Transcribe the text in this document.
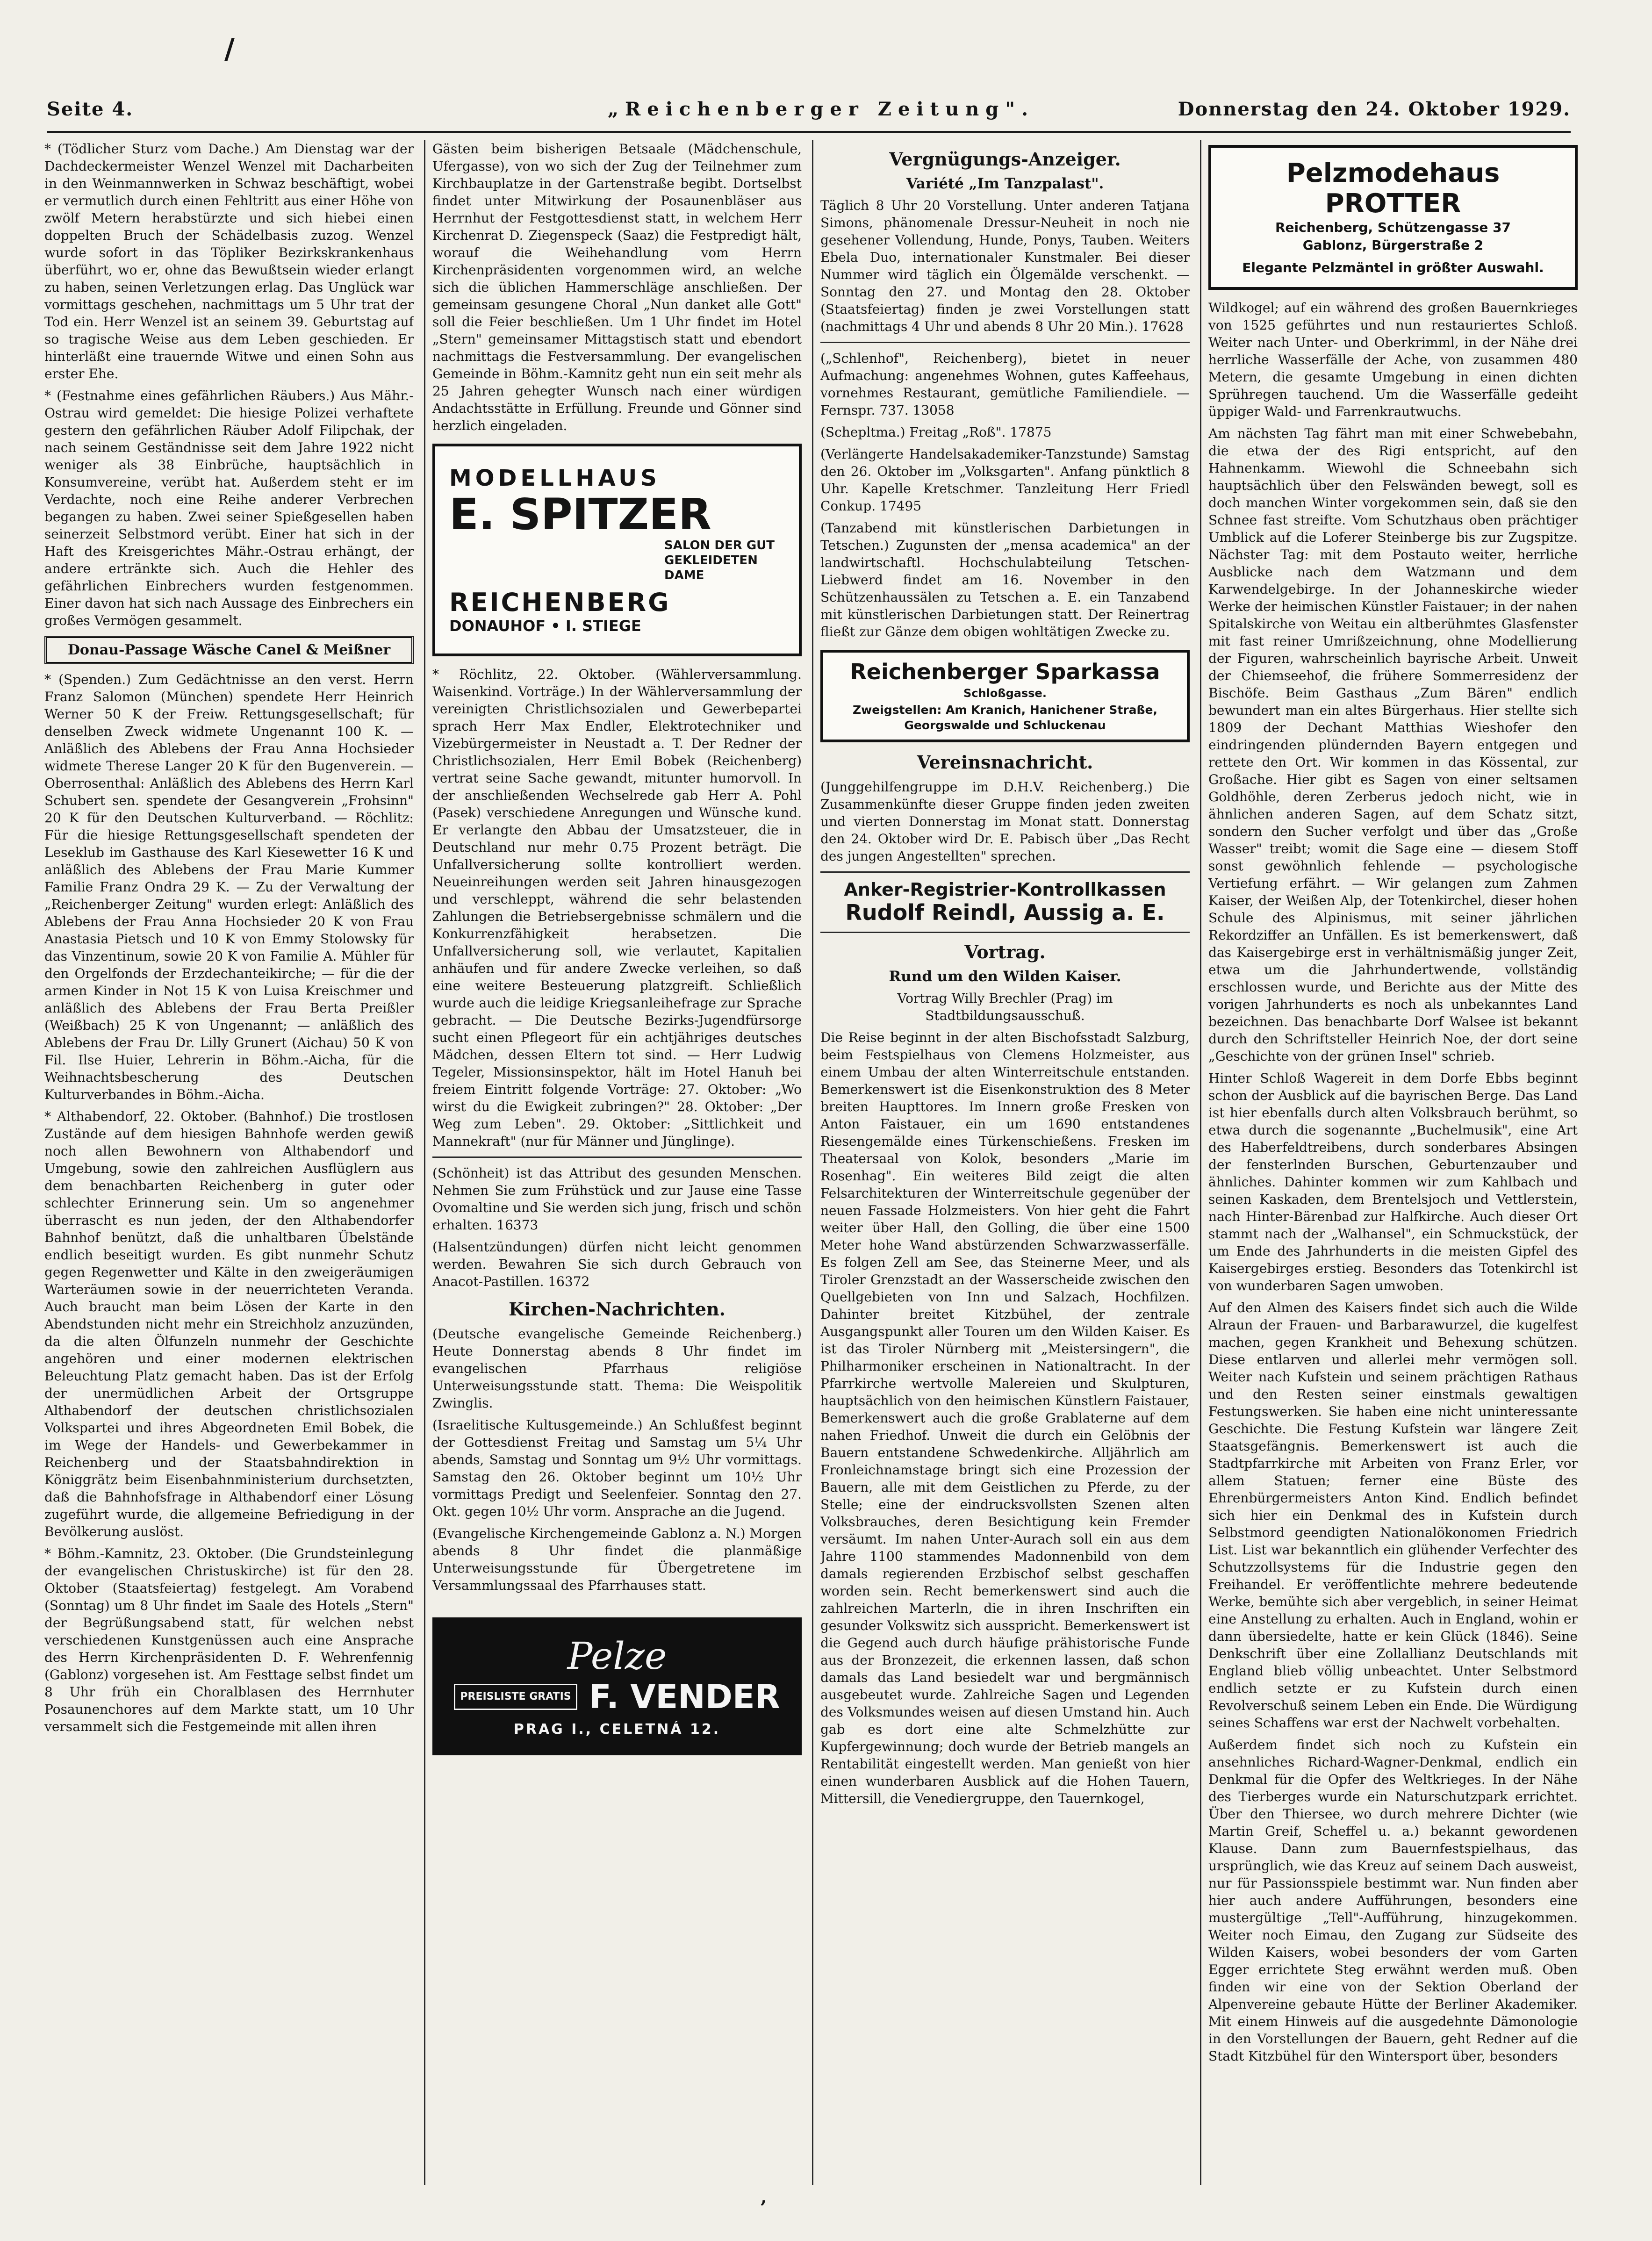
Seite 4.	„Reichenberger Zeitung".	Donnerstag den 24. Oktober 1929.

* (Tödlicher Sturz vom Dache.) Am Dienstag war der Dachdeckermeister Wenzel Wenzel mit Dacharbeiten in den Weinmannwerken in Schwaz beschäftigt, wobei er vermutlich durch einen Fehltritt aus einer Höhe von zwölf Metern herabstürzte und sich hiebei einen doppelten Bruch der Schädelbasis zuzog. Wenzel wurde sofort in das Töpliker Bezirkskrankenhaus überführt, wo er, ohne das Bewußtsein wieder erlangt zu haben, seinen Verletzungen erlag. Das Unglück war vormittags geschehen, nachmittags um 5 Uhr trat der Tod ein. Herr Wenzel ist an seinem 39. Geburtstag auf so tragische Weise aus dem Leben geschieden. Er hinterläßt eine trauernde Witwe und einen Sohn aus erster Ehe.

* (Festnahme eines gefährlichen Räubers.) Aus Mähr.-Ostrau wird gemeldet: Die hiesige Polizei verhaftete gestern den gefährlichen Räuber Adolf Filipchak, der nach seinem Geständnisse seit dem Jahre 1922 nicht weniger als 38 Einbrüche, hauptsächlich in Konsumvereine, verübt hat. Außerdem steht er im Verdachte, noch eine Reihe anderer Verbrechen begangen zu haben. Zwei seiner Spießgesellen haben seinerzeit Selbstmord verübt. Einer hat sich in der Haft des Kreisgerichtes Mähr.-Ostrau erhängt, der andere ertränkte sich. Auch die Hehler des gefährlichen Einbrechers wurden festgenommen. Einer davon hat sich nach Aussage des Einbrechers ein großes Vermögen gesammelt.

Donau-Passage Wäsche Canel & Meißner

* (Spenden.) Zum Gedächtnisse an den verst. Herrn Franz Salomon (München) spendete Herr Heinrich Werner 50 K der Freiw. Rettungsgesellschaft; für denselben Zweck widmete Ungenannt 100 K. — Anläßlich des Ablebens der Frau Anna Hochsieder widmete Therese Langer 20 K für den Bugenverein. — Oberrosenthal: Anläßlich des Ablebens des Herrn Karl Schubert sen. spendete der Gesangverein „Frohsinn" 20 K für den Deutschen Kulturverband. — Röchlitz: Für die hiesige Rettungsgesellschaft spendeten der Leseklub im Gasthause des Karl Kiesewetter 16 K und anläßlich des Ablebens der Frau Marie Kummer Familie Franz Ondra 29 K. — Zu der Verwaltung der „Reichenberger Zeitung" wurden erlegt: Anläßlich des Ablebens der Frau Anna Hochsieder 20 K von Frau Anastasia Pietsch und 10 K von Emmy Stolowsky für das Vinzentinum, sowie 20 K von Familie A. Mühler für den Orgelfonds der Erzdechanteikirche; — für die der armen Kinder in Not 15 K von Luisa Kreischmer und anläßlich des Ablebens der Frau Berta Preißler (Weißbach) 25 K von Ungenannt; — anläßlich des Ablebens der Frau Dr. Lilly Grunert (Aichau) 50 K von Fil. Ilse Huier, Lehrerin in Böhm.-Aicha, für die Weihnachtsbescherung des Deutschen Kulturverbandes in Böhm.-Aicha.

* Althabendorf, 22. Oktober. (Bahnhof.) Die trostlosen Zustände auf dem hiesigen Bahnhofe werden gewiß noch allen Bewohnern von Althabendorf und Umgebung, sowie den zahlreichen Ausflüglern aus dem benachbarten Reichenberg in guter oder schlechter Erinnerung sein. Um so angenehmer überrascht es nun jeden, der den Althabendorfer Bahnhof benützt, daß die unhaltbaren Übelstände endlich beseitigt wurden. Es gibt nunmehr Schutz gegen Regenwetter und Kälte in den zweigeräumigen Warteräumen sowie in der neuerrichteten Veranda. Auch braucht man beim Lösen der Karte in den Abendstunden nicht mehr ein Streichholz anzuzünden, da die alten Ölfunzeln nunmehr der Geschichte angehören und einer modernen elektrischen Beleuchtung Platz gemacht haben. Das ist der Erfolg der unermüdlichen Arbeit der Ortsgruppe Althabendorf der deutschen christlichsozialen Volkspartei und ihres Abgeordneten Emil Bobek, die im Wege der Handels- und Gewerbekammer in Reichenberg und der Staatsbahndirektion in Königgrätz beim Eisenbahnministerium durchsetzten, daß die Bahnhofsfrage in Althabendorf einer Lösung zugeführt wurde, die allgemeine Befriedigung in der Bevölkerung auslöst.

* Böhm.-Kamnitz, 23. Oktober. (Die Grundsteinlegung der evangelischen Christuskirche) ist für den 28. Oktober (Staatsfeiertag) festgelegt. Am Vorabend (Sonntag) um 8 Uhr findet im Saale des Hotels „Stern" der Begrüßungsabend statt, für welchen nebst verschiedenen Kunstgenüssen auch eine Ansprache des Herrn Kirchenpräsidenten D. F. Wehrenfennig (Gablonz) vorgesehen ist. Am Festtage selbst findet um 8 Uhr früh ein Choralblasen des Herrnhuter Posaunenchores auf dem Markte statt, um 10 Uhr versammelt sich die Festgemeinde mit allen ihren

Gästen beim bisherigen Betsaale (Mädchenschule, Ufergasse), von wo sich der Zug der Teilnehmer zum Kirchbauplatze in der Gartenstraße begibt. Dortselbst findet unter Mitwirkung der Posaunenbläser aus Herrnhut der Festgottesdienst statt, in welchem Herr Kirchenrat D. Ziegenspeck (Saaz) die Festpredigt hält, worauf die Weihehandlung vom Herrn Kirchenpräsidenten vorgenommen wird, an welche sich die üblichen Hammerschläge anschließen. Der gemeinsam gesungene Choral „Nun danket alle Gott" soll die Feier beschließen. Um 1 Uhr findet im Hotel „Stern" gemeinsamer Mittagstisch statt und ebendort nachmittags die Festversammlung. Der evangelischen Gemeinde in Böhm.-Kamnitz geht nun ein seit mehr als 25 Jahren gehegter Wunsch nach einer würdigen Andachtsstätte in Erfüllung. Freunde und Gönner sind herzlich eingeladen.

MODELLHAUS
E. SPITZER
SALON DER GUT GEKLEIDETEN DAME
REICHENBERG
DONAUHOF • I. STIEGE

* Röchlitz, 22. Oktober. (Wählerversammlung. Waisenkind. Vorträge.) In der Wählerversammlung der vereinigten Christlichsozialen und Gewerbepartei sprach Herr Max Endler, Elektrotechniker und Vizebürgermeister in Neustadt a. T. Der Redner der Christlichsozialen, Herr Emil Bobek (Reichenberg) vertrat seine Sache gewandt, mitunter humorvoll. In der anschließenden Wechselrede gab Herr A. Pohl (Pasek) verschiedene Anregungen und Wünsche kund. Er verlangte den Abbau der Umsatzsteuer, die in Deutschland nur mehr 0.75 Prozent beträgt. Die Unfallversicherung sollte kontrolliert werden. Neueinreihungen werden seit Jahren hinausgezogen und verschleppt, während die sehr belastenden Zahlungen die Betriebsergebnisse schmälern und die Konkurrenzfähigkeit herabsetzen. Die Unfallversicherung soll, wie verlautet, Kapitalien anhäufen und für andere Zwecke verleihen, so daß eine weitere Besteuerung platzgreift. Schließlich wurde auch die leidige Kriegsanleihefrage zur Sprache gebracht. — Die Deutsche Bezirks-Jugendfürsorge sucht einen Pflegeort für ein achtjähriges deutsches Mädchen, dessen Eltern tot sind. — Herr Ludwig Tegeler, Missionsinspektor, hält im Hotel Hanuh bei freiem Eintritt folgende Vorträge: 27. Oktober: „Wo wirst du die Ewigkeit zubringen?" 28. Oktober: „Der Weg zum Leben". 29. Oktober: „Sittlichkeit und Mannekraft" (nur für Männer und Jünglinge).

(Schönheit) ist das Attribut des gesunden Menschen. Nehmen Sie zum Frühstück und zur Jause eine Tasse Ovomaltine und Sie werden sich jung, frisch und schön erhalten. 16373

(Halsentzündungen) dürfen nicht leicht genommen werden. Bewahren Sie sich durch Gebrauch von Anacot-Pastillen. 16372

Kirchen-Nachrichten.

(Deutsche evangelische Gemeinde Reichenberg.) Heute Donnerstag abends 8 Uhr findet im evangelischen Pfarrhaus religiöse Unterweisungsstunde statt. Thema: Die Weispolitik Zwinglis.

(Israelitische Kultusgemeinde.) An Schlußfest beginnt der Gottesdienst Freitag und Samstag um 5¼ Uhr abends, Samstag und Sonntag um 9½ Uhr vormittags. Samstag den 26. Oktober beginnt um 10½ Uhr vormittags Predigt und Seelenfeier. Sonntag den 27. Okt. gegen 10½ Uhr vorm. Ansprache an die Jugend.

(Evangelische Kirchengemeinde Gablonz a. N.) Morgen abends 8 Uhr findet die planmäßige Unterweisungsstunde für Übergetretene im Versammlungssaal des Pfarrhauses statt.

Pelze
PREISLISTE GRATIS F. VENDER
PRAG I., CELETNÁ 12.
Vergnügungs-Anzeiger.
Variété „Im Tanzpalast".

Täglich 8 Uhr 20 Vorstellung. Unter anderen Tatjana Simons, phänomenale Dressur-Neuheit in noch nie gesehener Vollendung, Hunde, Ponys, Tauben. Weiters Ebela Duo, internationaler Kunstmaler. Bei dieser Nummer wird täglich ein Ölgemälde verschenkt. — Sonntag den 27. und Montag den 28. Oktober (Staatsfeiertag) finden je zwei Vorstellungen statt (nachmittags 4 Uhr und abends 8 Uhr 20 Min.). 17628

(„Schlenhof", Reichenberg), bietet in neuer Aufmachung: angenehmes Wohnen, gutes Kaffeehaus, vornehmes Restaurant, gemütliche Familiendiele. — Fernspr. 737. 13058

(Schepltma.) Freitag „Roß". 17875

(Verlängerte Handelsakademiker-Tanzstunde) Samstag den 26. Oktober im „Volksgarten". Anfang pünktlich 8 Uhr. Kapelle Kretschmer. Tanzleitung Herr Friedl Conkup. 17495

(Tanzabend mit künstlerischen Darbietungen in Tetschen.) Zugunsten der „mensa academica" an der landwirtschaftl. Hochschulabteilung Tetschen-Liebwerd findet am 16. November in den Schützenhaussälen zu Tetschen a. E. ein Tanzabend mit künstlerischen Darbietungen statt. Der Reinertrag fließt zur Gänze dem obigen wohltätigen Zwecke zu.

Reichenberger Sparkassa
Schloßgasse.
Zweigstellen: Am Kranich, Hanichener Straße, Georgswalde und Schluckenau
Vereinsnachricht.

(Junggehilfengruppe im D.H.V. Reichenberg.) Die Zusammenkünfte dieser Gruppe finden jeden zweiten und vierten Donnerstag im Monat statt. Donnerstag den 24. Oktober wird Dr. E. Pabisch über „Das Recht des jungen Angestellten" sprechen.

Anker-Registrier-Kontrollkassen
Rudolf Reindl, Aussig a. E.
Vortrag.
Rund um den Wilden Kaiser.

Vortrag Willy Brechler (Prag) im Stadtbildungsausschuß.

Die Reise beginnt in der alten Bischofsstadt Salzburg, beim Festspielhaus von Clemens Holzmeister, aus einem Umbau der alten Winterreitschule entstanden. Bemerkenswert ist die Eisenkonstruktion des 8 Meter breiten Haupttores. Im Innern große Fresken von Anton Faistauer, ein um 1690 entstandenes Riesengemälde eines Türkenschießens. Fresken im Theatersaal von Kolok, besonders „Marie im Rosenhag". Ein weiteres Bild zeigt die alten Felsarchitekturen der Winterreitschule gegenüber der neuen Fassade Holzmeisters. Von hier geht die Fahrt weiter über Hall, den Golling, die über eine 1500 Meter hohe Wand abstürzenden Schwarzwasserfälle. Es folgen Zell am See, das Steinerne Meer, und als Tiroler Grenzstadt an der Wasserscheide zwischen den Quellgebieten von Inn und Salzach, Hochfilzen. Dahinter breitet Kitzbühel, der zentrale Ausgangspunkt aller Touren um den Wilden Kaiser. Es ist das Tiroler Nürnberg mit „Meistersingern", die Philharmoniker erscheinen in Nationaltracht. In der Pfarrkirche wertvolle Malereien und Skulpturen, hauptsächlich von den heimischen Künstlern Faistauer, Bemerkenswert auch die große Grablaterne auf dem nahen Friedhof. Unweit die durch ein Gelöbnis der Bauern entstandene Schwedenkirche. Alljährlich am Fronleichnamstage bringt sich eine Prozession der Bauern, alle mit dem Geistlichen zu Pferde, zu der Stelle; eine der eindrucksvollsten Szenen alten Volksbrauches, deren Besichtigung kein Fremder versäumt. Im nahen Unter-Aurach soll ein aus dem Jahre 1100 stammendes Madonnenbild von dem damals regierenden Erzbischof selbst geschaffen worden sein. Recht bemerkenswert sind auch die zahlreichen Marterln, die in ihren Inschriften ein gesunder Volkswitz sich ausspricht. Bemerkenswert ist die Gegend auch durch häufige prähistorische Funde aus der Bronzezeit, die erkennen lassen, daß schon damals das Land besiedelt war und bergmännisch ausgebeutet wurde. Zahlreiche Sagen und Legenden des Volksmundes weisen auf diesen Umstand hin. Auch gab es dort eine alte Schmelzhütte zur Kupfergewinnung; doch wurde der Betrieb mangels an Rentabilität eingestellt werden. Man genießt von hier einen wunderbaren Ausblick auf die Hohen Tauern, Mittersill, die Venediergruppe, den Tauernkogel,

Pelzmodehaus PROTTER
Reichenberg, Schützengasse 37
Gablonz, Bürgerstraße 2
Elegante Pelzmäntel in größter Auswahl.

Wildkogel; auf ein während des großen Bauernkrieges von 1525 geführtes und nun restauriertes Schloß. Weiter nach Unter- und Oberkrimml, in der Nähe drei herrliche Wasserfälle der Ache, von zusammen 480 Metern, die gesamte Umgebung in einen dichten Sprühregen tauchend. Um die Wasserfälle gedeiht üppiger Wald- und Farrenkrautwuchs.

Am nächsten Tag fährt man mit einer Schwebebahn, die etwa der des Rigi entspricht, auf den Hahnenkamm. Wiewohl die Schneebahn sich hauptsächlich über den Felswänden bewegt, soll es doch manchen Winter vorgekommen sein, daß sie den Schnee fast streifte. Vom Schutzhaus oben prächtiger Umblick auf die Loferer Steinberge bis zur Zugspitze. Nächster Tag: mit dem Postauto weiter, herrliche Ausblicke nach dem Watzmann und dem Karwendelgebirge. In der Johanneskirche wieder Werke der heimischen Künstler Faistauer; in der nahen Spitalskirche von Weitau ein altberühmtes Glasfenster mit fast reiner Umrißzeichnung, ohne Modellierung der Figuren, wahrscheinlich bayrische Arbeit. Unweit der Chiemseehof, die frühere Sommerresidenz der Bischöfe. Beim Gasthaus „Zum Bären" endlich bewundert man ein altes Bürgerhaus. Hier stellte sich 1809 der Dechant Matthias Wieshofer den eindringenden plündernden Bayern entgegen und rettete den Ort. Wir kommen in das Kössental, zur Großache. Hier gibt es Sagen von einer seltsamen Goldhöhle, deren Zerberus jedoch nicht, wie in ähnlichen anderen Sagen, auf dem Schatz sitzt, sondern den Sucher verfolgt und über das „Große Wasser" treibt; womit die Sage eine — diesem Stoff sonst gewöhnlich fehlende — psychologische Vertiefung erfährt. — Wir gelangen zum Zahmen Kaiser, der Weißen Alp, der Totenkirchel, dieser hohen Schule des Alpinismus, mit seiner jährlichen Rekordziffer an Unfällen. Es ist bemerkenswert, daß das Kaisergebirge erst in verhältnismäßig junger Zeit, etwa um die Jahrhundertwende, vollständig erschlossen wurde, und Berichte aus der Mitte des vorigen Jahrhunderts es noch als unbekanntes Land bezeichnen. Das benachbarte Dorf Walsee ist bekannt durch den Schriftsteller Heinrich Noe, der dort seine „Geschichte von der grünen Insel" schrieb.

Hinter Schloß Wagereit in dem Dorfe Ebbs beginnt schon der Ausblick auf die bayrischen Berge. Das Land ist hier ebenfalls durch alten Volksbrauch berühmt, so etwa durch die sogenannte „Buchelmusik", eine Art des Haberfeldtreibens, durch sonderbares Absingen der fensterlnden Burschen, Geburtenzauber und ähnliches. Dahinter kommen wir zum Kahlbach und seinen Kaskaden, dem Brentelsjoch und Vettlerstein, nach Hinter-Bärenbad zur Halfkirche. Auch dieser Ort stammt nach der „Walhansel", ein Schmuckstück, der um Ende des Jahrhunderts in die meisten Gipfel des Kaisergebirges erstieg. Besonders das Totenkirchl ist von wunderbaren Sagen umwoben.

Auf den Almen des Kaisers findet sich auch die Wilde Alraun der Frauen- und Barbarawurzel, die kugelfest machen, gegen Krankheit und Behexung schützen. Diese entlarven und allerlei mehr vermögen soll. Weiter nach Kufstein und seinem prächtigen Rathaus und den Resten seiner einstmals gewaltigen Festungswerken. Sie haben eine nicht uninteressante Geschichte. Die Festung Kufstein war längere Zeit Staatsgefängnis. Bemerkenswert ist auch die Stadtpfarrkirche mit Arbeiten von Franz Erler, vor allem Statuen; ferner eine Büste des Ehrenbürgermeisters Anton Kind. Endlich befindet sich hier ein Denkmal des in Kufstein durch Selbstmord geendigten Nationalökonomen Friedrich List. List war bekanntlich ein glühender Verfechter des Schutzzollsystems für die Industrie gegen den Freihandel. Er veröffentlichte mehrere bedeutende Werke, bemühte sich aber vergeblich, in seiner Heimat eine Anstellung zu erhalten. Auch in England, wohin er dann übersiedelte, hatte er kein Glück (1846). Seine Denkschrift über eine Zollallianz Deutschlands mit England blieb völlig unbeachtet. Unter Selbstmord endlich setzte er zu Kufstein durch einen Revolverschuß seinem Leben ein Ende. Die Würdigung seines Schaffens war erst der Nachwelt vorbehalten.

Außerdem findet sich noch zu Kufstein ein ansehnliches Richard-Wagner-Denkmal, endlich ein Denkmal für die Opfer des Weltkrieges. In der Nähe des Tierberges wurde ein Naturschutzpark errichtet. Über den Thiersee, wo durch mehrere Dichter (wie Martin Greif, Scheffel u. a.) bekannt gewordenen Klause. Dann zum Bauernfestspielhaus, das ursprünglich, wie das Kreuz auf seinem Dach ausweist, nur für Passionsspiele bestimmt war. Nun finden aber hier auch andere Aufführungen, besonders eine mustergültige „Tell"-Aufführung, hinzugekommen. Weiter noch Eimau, den Zugang zur Südseite des Wilden Kaisers, wobei besonders der vom Garten Egger errichtete Steg erwähnt werden muß. Oben finden wir eine von der Sektion Oberland der Alpenvereine gebaute Hütte der Berliner Akademiker. Mit einem Hinweis auf die ausgedehnte Dämonologie in den Vorstellungen der Bauern, geht Redner auf die Stadt Kitzbühel für den Wintersport über, besonders

/
ʼ
